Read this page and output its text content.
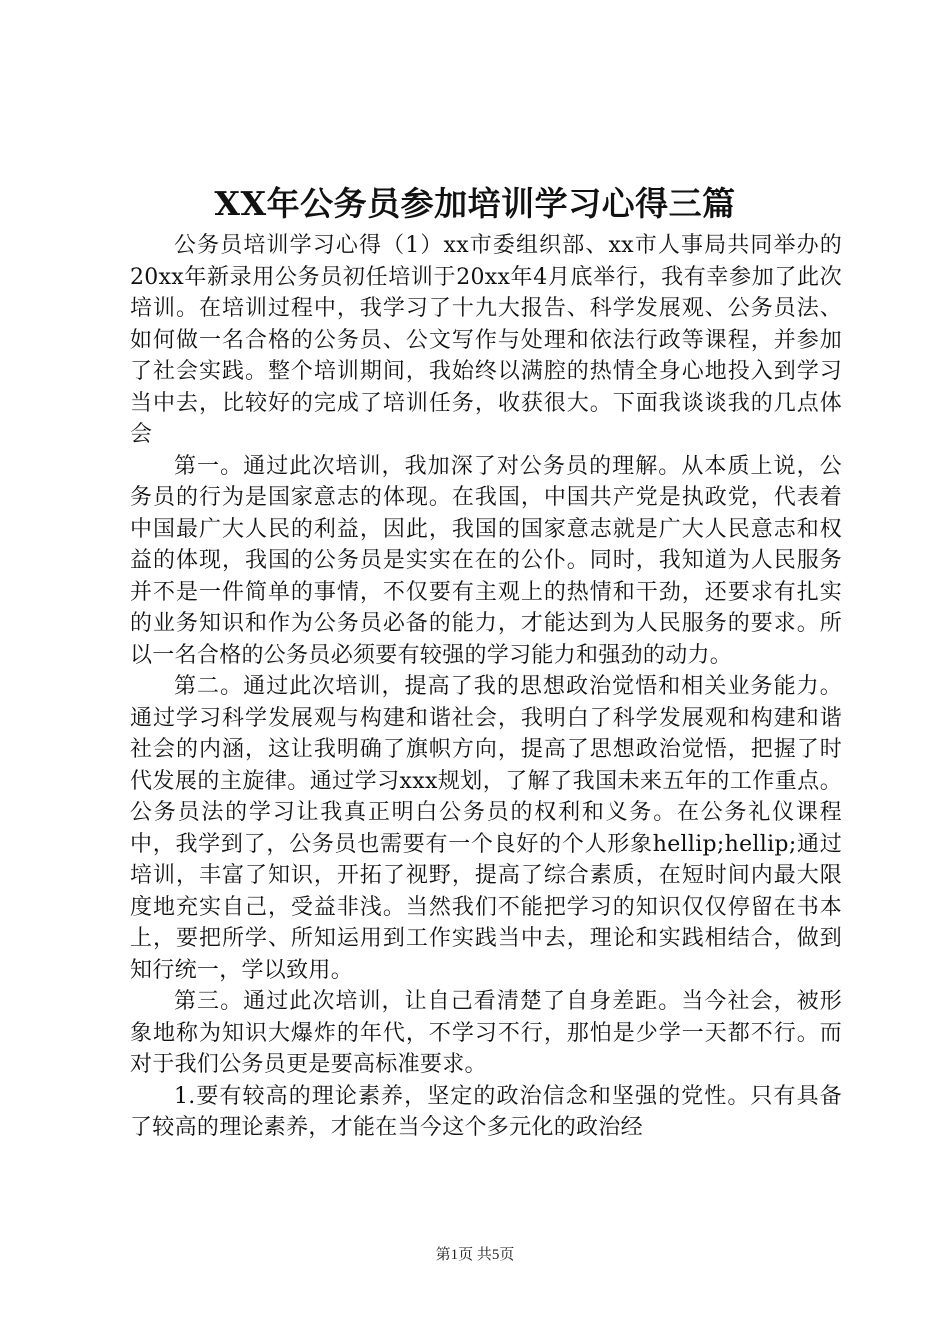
XX年公务员参加培训学习心得三篇

公务员培训学习心得（1）xx市委组织部、xx市人事局共同举办的20xx年新录用公务员初任培训于20xx年4月底举行，我有幸参加了此次培训。在培训过程中，我学习了十九大报告、科学发展观、公务员法、如何做一名合格的公务员、公文写作与处理和依法行政等课程，并参加了社会实践。整个培训期间，我始终以满腔的热情全身心地投入到学习当中去，比较好的完成了培训任务，收获很大。下面我谈谈我的几点体会

第一。通过此次培训，我加深了对公务员的理解。从本质上说，公务员的行为是国家意志的体现。在我国，中国共产党是执政党，代表着中国最广大人民的利益，因此，我国的国家意志就是广大人民意志和权益的体现，我国的公务员是实实在在的公仆。同时，我知道为人民服务并不是一件简单的事情，不仅要有主观上的热情和干劲，还要求有扎实的业务知识和作为公务员必备的能力，才能达到为人民服务的要求。所以一名合格的公务员必须要有较强的学习能力和强劲的动力。

第二。通过此次培训，提高了我的思想政治觉悟和相关业务能力。通过学习科学发展观与构建和谐社会，我明白了科学发展观和构建和谐社会的内涵，这让我明确了旗帜方向，提高了思想政治觉悟，把握了时代发展的主旋律。通过学习xxx规划，了解了我国未来五年的工作重点。公务员法的学习让我真正明白公务员的权利和义务。在公务礼仪课程中，我学到了，公务员也需要有一个良好的个人形象hellip;hellip;通过培训，丰富了知识，开拓了视野，提高了综合素质，在短时间内最大限度地充实自己，受益非浅。当然我们不能把学习的知识仅仅停留在书本上，要把所学、所知运用到工作实践当中去，理论和实践相结合，做到知行统一，学以致用。

第三。通过此次培训，让自己看清楚了自身差距。当今社会，被形象地称为知识大爆炸的年代，不学习不行，那怕是少学一天都不行。而对于我们公务员更是要高标准要求。

1.要有较高的理论素养，坚定的政治信念和坚强的党性。只有具备了较高的理论素养，才能在当今这个多元化的政治经

第1页 共5页
